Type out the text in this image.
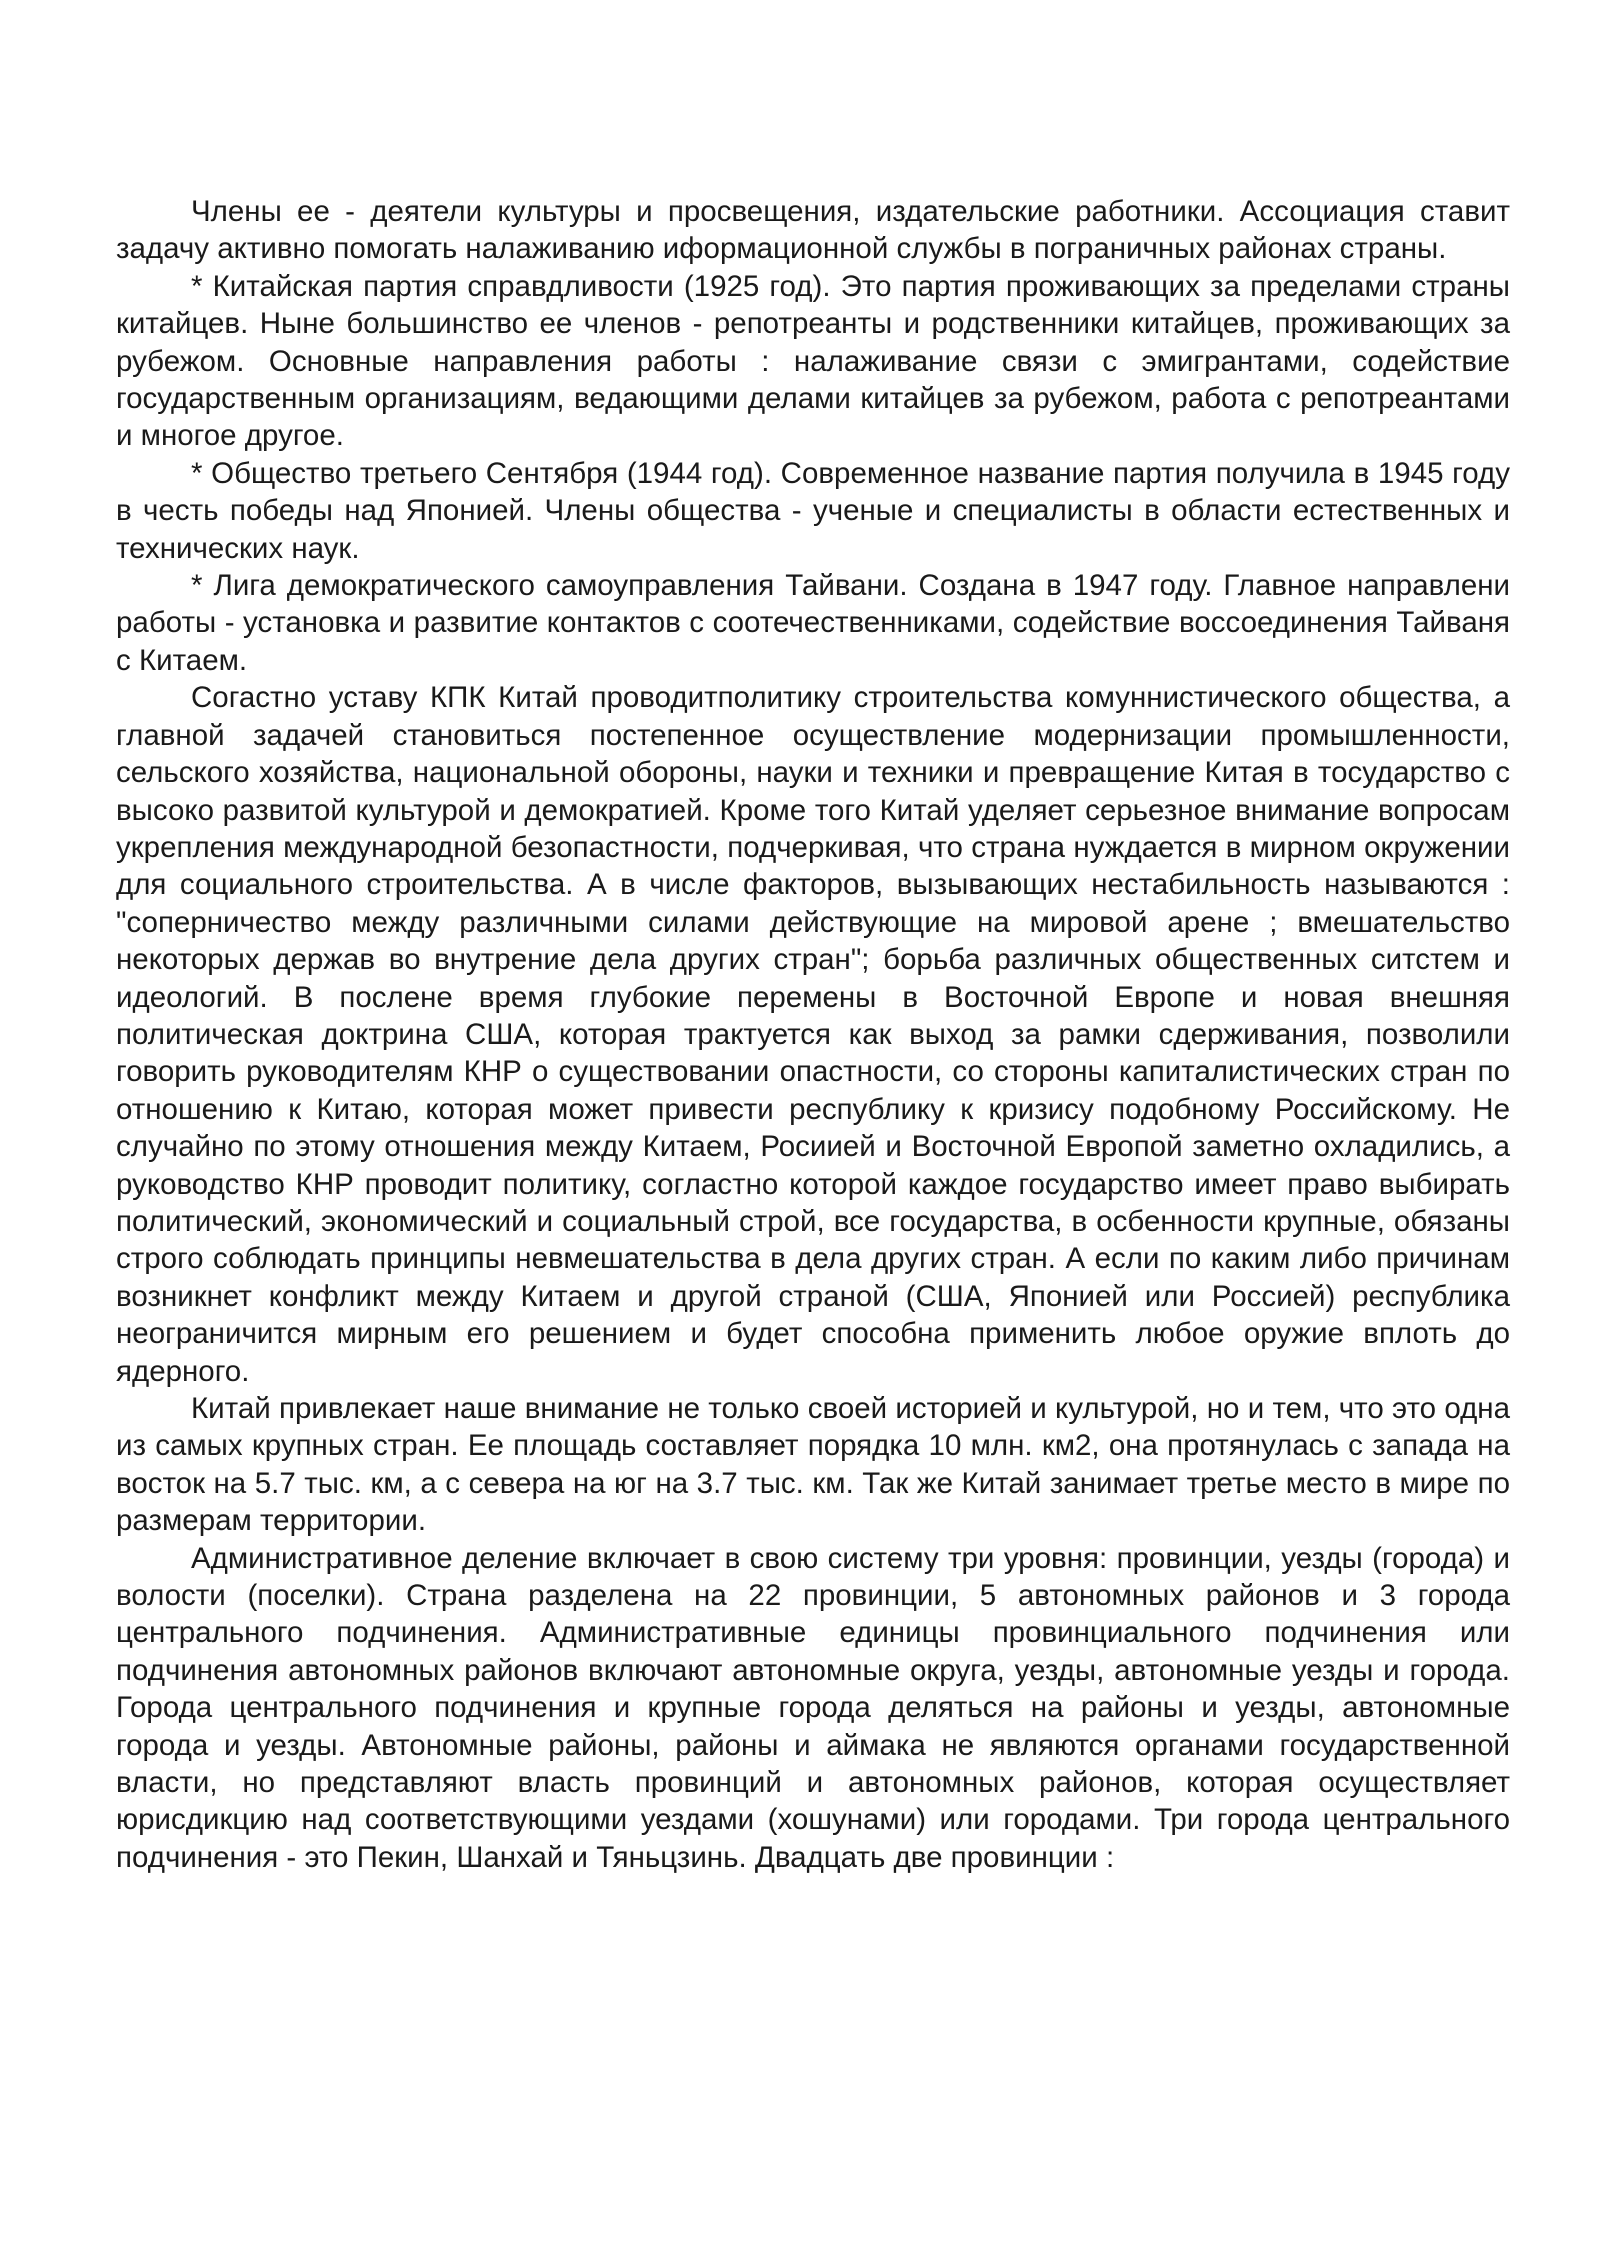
Члены ее - деятели культуры и просвещения, издательские работники. Ассоциация ставит задачу активно помогать налаживанию иформационной службы в пограничных районах страны.

* Китайская партия справдливости (1925 год). Это партия проживающих за пределами страны китайцев. Ныне большинство ее членов - репотреанты и родственники китайцев, проживающих за рубежом. Основные направления работы : налаживание связи с эмигрантами, содействие государственным организациям, ведающими делами китайцев за рубежом, работа с репотреантами и многое другое.

* Общество третьего Сентября (1944 год). Современное название партия получила в 1945 году в честь победы над Японией. Члены общества - ученые и специалисты в области естественных и технических наук.

* Лига демократического самоуправления Тайвани. Создана в 1947 году. Главное направлени работы - установка и развитие контактов с соотечественниками, содействие воссоединения Тайваня с Китаем.

Согастно уставу КПК Китай проводитполитику строительства комуннистического общества, а главной задачей становиться постепенное осуществление модернизации промышленности, сельского хозяйства, национальной обороны, науки и техники и превращение Китая в тосударство с высоко развитой культурой и демократией. Кроме того Китай уделяет серьезное внимание вопросам укрепления международной безопастности, подчеркивая, что страна нуждается в мирном окружении для социального строительства. А в числе факторов, вызывающих нестабильность называются : "соперничество между различными силами действующие на мировой арене ; вмешательство некоторых держав во внутрение дела других стран"; борьба различных общественных ситстем и идеологий. В послене время глубокие перемены в Восточной Европе и новая внешняя политическая доктрина США, которая трактуется как выход за рамки сдерживания, позволили говорить руководителям КНР о существовании опастности, со стороны капиталистических стран по отношению к Китаю, которая может привести республику к кризису подобному Российскому. Не случайно по этому отношения между Китаем, Росиией и Восточной Европой заметно охладились, а руководство КНР проводит политику, согластно которой каждое государство имеет право выбирать политический, экономический и социальный строй, все государства, в осбенности крупные, обязаны строго соблюдать принципы невмешательства в дела других стран. А если по каким либо причинам возникнет конфликт между Китаем и другой страной (США, Японией или Россией) республика неограничится мирным его решением и будет способна применить любое оружие вплоть до ядерного.

Китай привлекает наше внимание не только своей историей и культурой, но и тем, что это одна из самых крупных стран. Ее площадь составляет порядка 10 млн. км2, она протянулась с запада на восток на 5.7 тыс. км, а с севера на юг на 3.7 тыс. км. Так же Китай занимает третье место в мире по размерам территории.

Административное деление включает в свою систему три уровня: провинции, уезды (города) и волости (поселки). Страна разделена на 22 провинции, 5 автономных районов и 3 города центрального подчинения. Административные единицы провинциального подчинения или подчинения автономных районов включают автономные округа, уезды, автономные уезды и города. Города центрального подчинения и крупные города деляться на районы и уезды, автономные города и уезды. Автономные районы, районы и аймака не являются органами государственной власти, но представляют власть провинций и автономных районов, которая осуществляет юрисдикцию над соответствующими уездами (хошунами) или городами. Три города центрального подчинения - это Пекин, Шанхай и Тяньцзинь. Двадцать две провинции :
